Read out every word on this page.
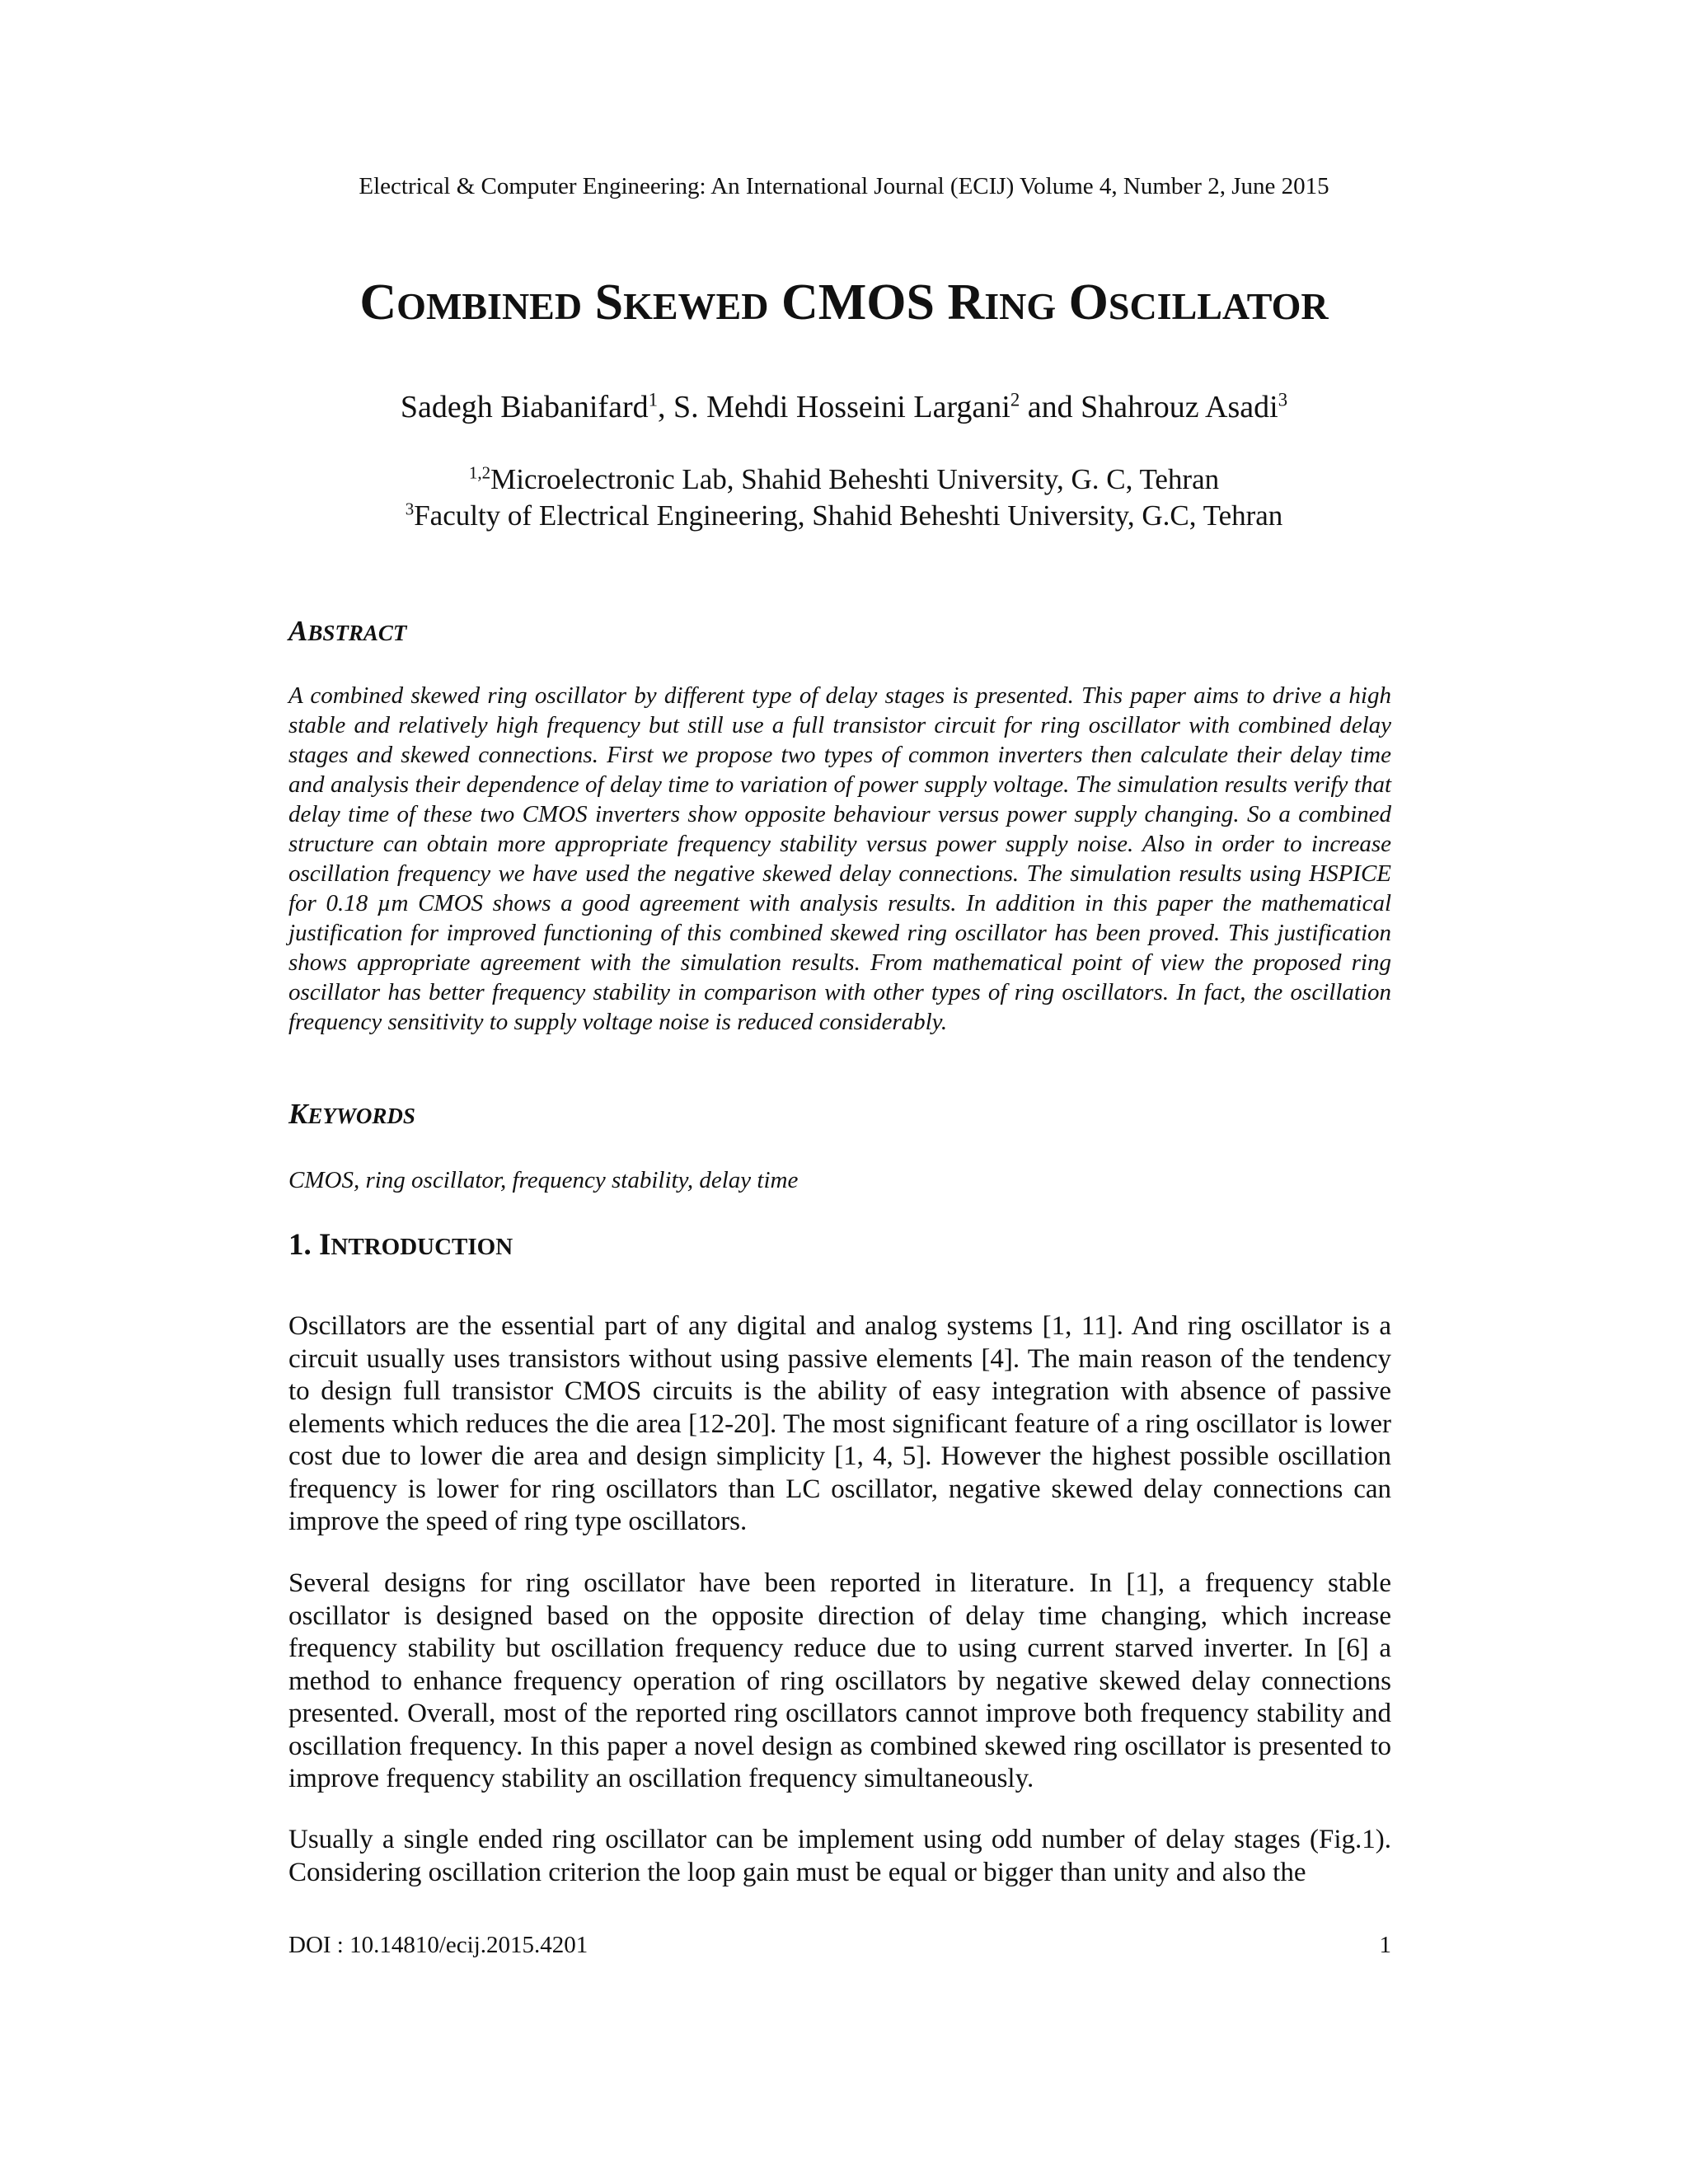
Electrical & Computer Engineering: An International Journal (ECIJ) Volume 4, Number 2, June 2015
COMBINED SKEWED CMOS RING OSCILLATOR
Sadegh Biabanifard$^1$, S. Mehdi Hosseini Largani$^2$ and Shahrouz Asadi$^3$
$^{1,2}$Microelectronic Lab, Shahid Beheshti University, G. C, Tehran
$^3$Faculty of Electrical Engineering, Shahid Beheshti University, G.C, Tehran
ABSTRACT

A combined skewed ring oscillator by different type of delay stages is presented. This paper aims to drive a high stable and relatively high frequency but still use a full transistor circuit for ring oscillator with combined delay stages and skewed connections. First we propose two types of common inverters then calculate their delay time and analysis their dependence of delay time to variation of power supply voltage. The simulation results verify that delay time of these two CMOS inverters show opposite behaviour versus power supply changing. So a combined structure can obtain more appropriate frequency stability versus power supply noise. Also in order to increase oscillation frequency we have used the negative skewed delay connections. The simulation results using HSPICE for 0.18 µm CMOS shows a good agreement with analysis results. In addition in this paper the mathematical justification for improved functioning of this combined skewed ring oscillator has been proved. This justification shows appropriate agreement with the simulation results. From mathematical point of view the proposed ring oscillator has better frequency stability in comparison with other types of ring oscillators. In fact, the oscillation frequency sensitivity to supply voltage noise is reduced considerably.

KEYWORDS

CMOS, ring oscillator, frequency stability, delay time

1. INTRODUCTION

Oscillators are the essential part of any digital and analog systems [1, 11]. And ring oscillator is a circuit usually uses transistors without using passive elements [4]. The main reason of the tendency to design full transistor CMOS circuits is the ability of easy integration with absence of passive elements which reduces the die area [12-20]. The most significant feature of a ring oscillator is lower cost due to lower die area and design simplicity [1, 4, 5]. However the highest possible oscillation frequency is lower for ring oscillators than LC oscillator, negative skewed delay connections can improve the speed of ring type oscillators.

Several designs for ring oscillator have been reported in literature. In [1], a frequency stable oscillator is designed based on the opposite direction of delay time changing, which increase frequency stability but oscillation frequency reduce due to using current starved inverter. In [6] a method to enhance frequency operation of ring oscillators by negative skewed delay connections presented. Overall, most of the reported ring oscillators cannot improve both frequency stability and oscillation frequency. In this paper a novel design as combined skewed ring oscillator is presented to improve frequency stability an oscillation frequency simultaneously.

Usually a single ended ring oscillator can be implement using odd number of delay stages (Fig.1). Considering oscillation criterion the loop gain must be equal or bigger than unity and also the

DOI : 10.14810/ecij.2015.4201	1
